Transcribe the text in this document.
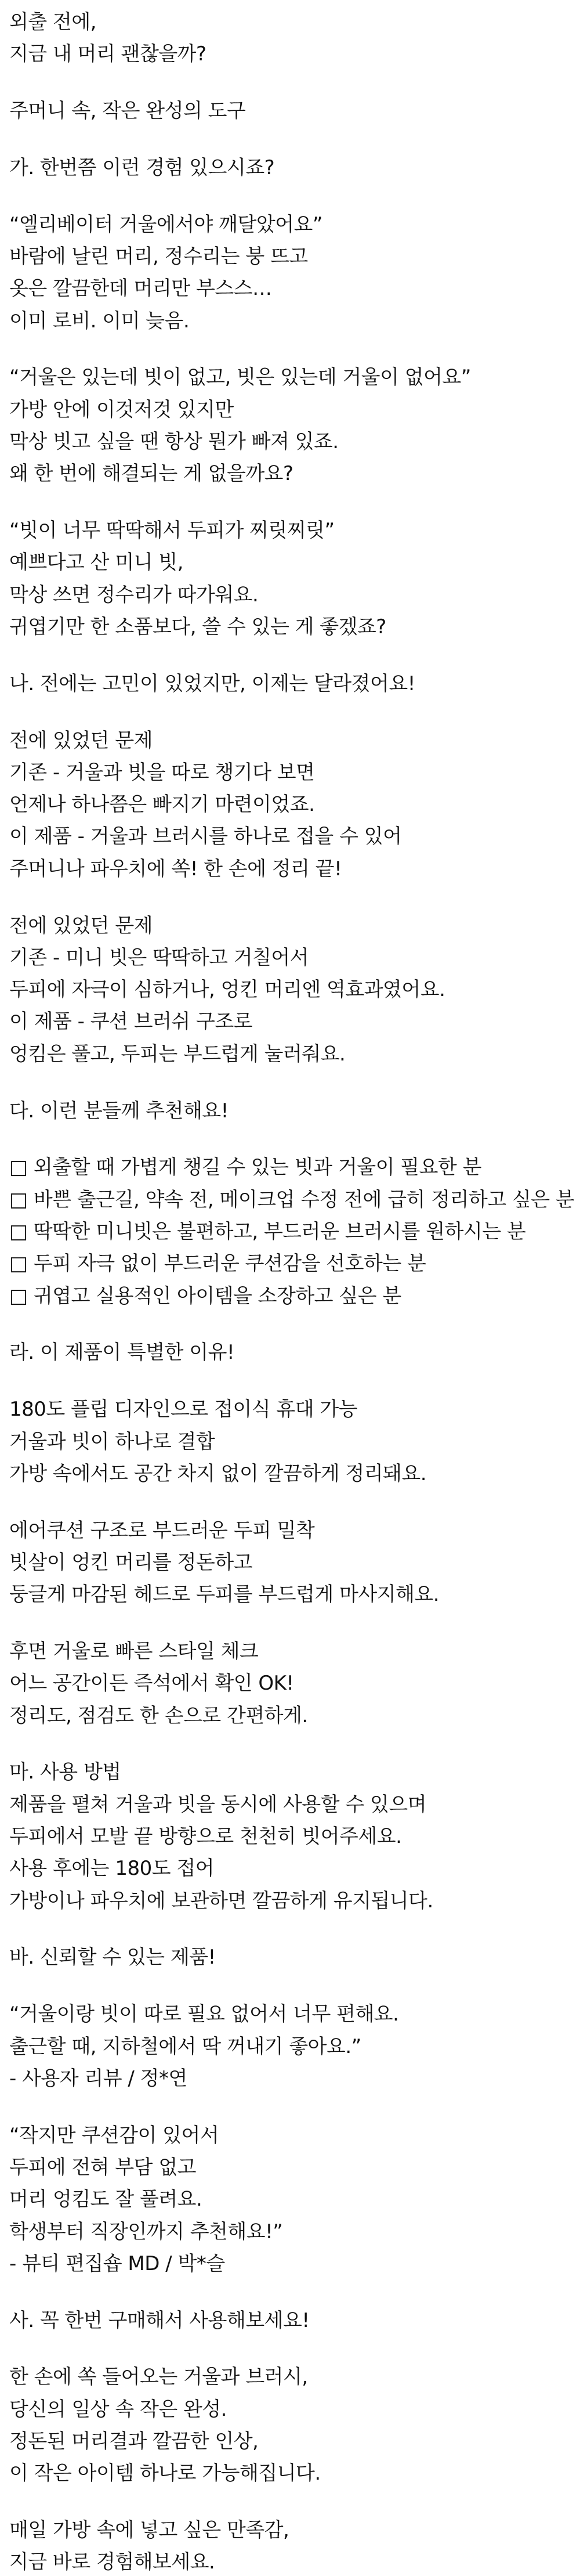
외출 전에,
지금 내 머리 괜찮을까?
주머니 속, 작은 완성의 도구
가. 한번쯤 이런 경험 있으시죠?
“엘리베이터 거울에서야 깨달았어요”
바람에 날린 머리, 정수리는 붕 뜨고
옷은 깔끔한데 머리만 부스스…
이미 로비. 이미 늦음.
“거울은 있는데 빗이 없고, 빗은 있는데 거울이 없어요”
가방 안에 이것저것 있지만
막상 빗고 싶을 땐 항상 뭔가 빠져 있죠.
왜 한 번에 해결되는 게 없을까요?
“빗이 너무 딱딱해서 두피가 찌릿찌릿”
예쁘다고 산 미니 빗,
막상 쓰면 정수리가 따가워요.
귀엽기만 한 소품보다, 쓸 수 있는 게 좋겠죠?
나. 전에는 고민이 있었지만, 이제는 달라졌어요!
전에 있었던 문제
기존 - 거울과 빗을 따로 챙기다 보면
언제나 하나쯤은 빠지기 마련이었죠.
이 제품 - 거울과 브러시를 하나로 접을 수 있어
주머니나 파우치에 쏙! 한 손에 정리 끝!
전에 있었던 문제
기존 - 미니 빗은 딱딱하고 거칠어서
두피에 자극이 심하거나, 엉킨 머리엔 역효과였어요.
이 제품 - 쿠션 브러쉬 구조로
엉킴은 풀고, 두피는 부드럽게 눌러줘요.
다. 이런 분들께 추천해요!
□ 외출할 때 가볍게 챙길 수 있는 빗과 거울이 필요한 분
□ 바쁜 출근길, 약속 전, 메이크업 수정 전에 급히 정리하고 싶은 분
□ 딱딱한 미니빗은 불편하고, 부드러운 브러시를 원하시는 분
□ 두피 자극 없이 부드러운 쿠션감을 선호하는 분
□ 귀엽고 실용적인 아이템을 소장하고 싶은 분
라. 이 제품이 특별한 이유!
180도 플립 디자인으로 접이식 휴대 가능
거울과 빗이 하나로 결합
가방 속에서도 공간 차지 없이 깔끔하게 정리돼요.
에어쿠션 구조로 부드러운 두피 밀착
빗살이 엉킨 머리를 정돈하고
둥글게 마감된 헤드로 두피를 부드럽게 마사지해요.
후면 거울로 빠른 스타일 체크
어느 공간이든 즉석에서 확인 OK!
정리도, 점검도 한 손으로 간편하게.
마. 사용 방법
제품을 펼쳐 거울과 빗을 동시에 사용할 수 있으며
두피에서 모발 끝 방향으로 천천히 빗어주세요.
사용 후에는 180도 접어
가방이나 파우치에 보관하면 깔끔하게 유지됩니다.
바. 신뢰할 수 있는 제품!
“거울이랑 빗이 따로 필요 없어서 너무 편해요.
출근할 때, 지하철에서 딱 꺼내기 좋아요.”
- 사용자 리뷰 / 정*연
“작지만 쿠션감이 있어서
두피에 전혀 부담 없고
머리 엉킴도 잘 풀려요.
학생부터 직장인까지 추천해요!”
- 뷰티 편집숍 MD / 박*슬
사. 꼭 한번 구매해서 사용해보세요!
한 손에 쏙 들어오는 거울과 브러시,
당신의 일상 속 작은 완성.
정돈된 머리결과 깔끔한 인상,
이 작은 아이템 하나로 가능해집니다.
매일 가방 속에 넣고 싶은 만족감,
지금 바로 경험해보세요.
